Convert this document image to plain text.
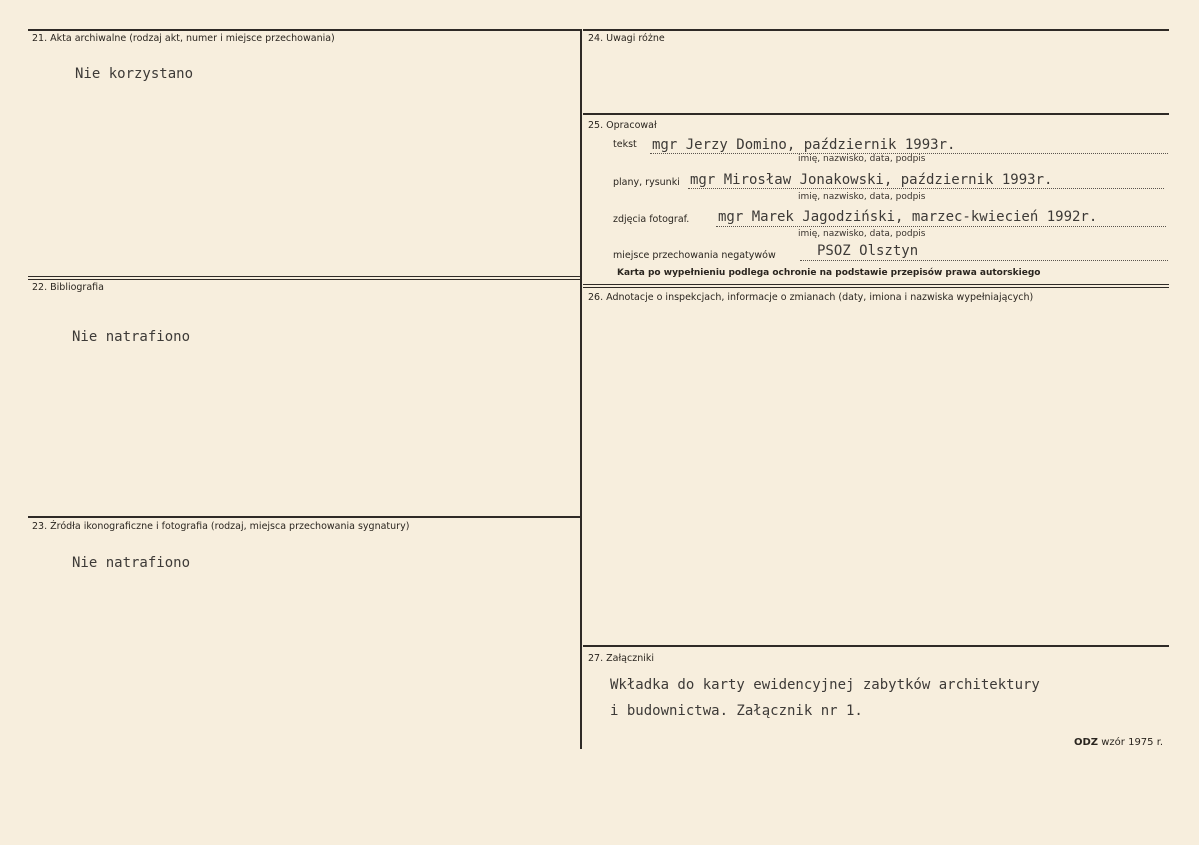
21. Akta archiwalne (rodzaj akt, numer i miejsce przechowania)
Nie korzystano
22. Bibliografia
Nie natrafiono
23. Źródła ikonograficzne i fotografia (rodzaj, miejsca przechowania sygnatury)
Nie natrafiono
24. Uwagi różne
25. Opracował
tekst mgr Jerzy Domino, październik 1993r.
imię, nazwisko, data, podpis
plany, rysunki mgr Mirosław Jonakowski, październik 1993r.
imię, nazwisko, data, podpis
zdjęcia fotograf. mgr Marek Jagodziński, marzec-kwiecień 1992r.
imię, nazwisko, data, podpis
miejsce przechowania negatywów	PSOZ Olsztyn
Karta po wypełnieniu podlega ochronie na podstawie przepisów prawa autorskiego
26. Adnotacje o inspekcjach, informacje o zmianach (daty, imiona i nazwiska wypełniających)
27. Załączniki
Wkładka do karty ewidencyjnej zabytków architektury
i budownictwa. Załącznik nr 1.
ODZ wzór 1975 r.
